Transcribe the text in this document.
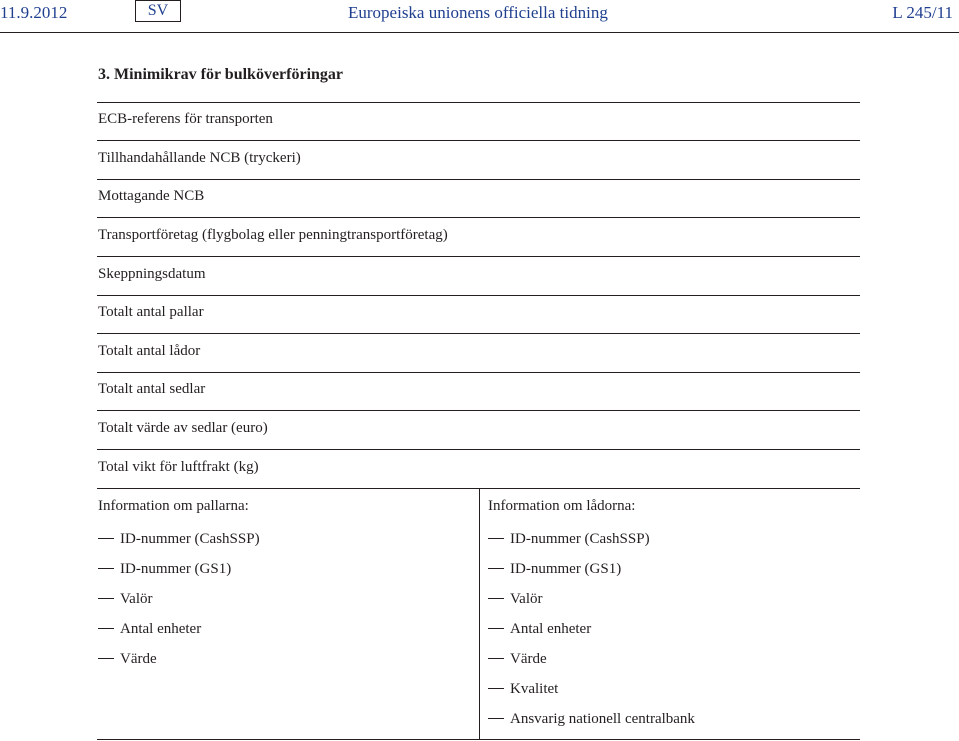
11.9.2012	SV	Europeiska unionens officiella tidning	L 245/11
3. Minimikrav för bulköverföringar
ECB-referens för transporten
Tillhandahållande NCB (tryckeri)
Mottagande NCB
Transportföretag (flygbolag eller penningtransportföretag)
Skeppningsdatum
Totalt antal pallar
Totalt antal lådor
Totalt antal sedlar
Totalt värde av sedlar (euro)
Total vikt för luftfrakt (kg)
Information om pallarna:
ID-nummer (CashSSP)
ID-nummer (GS1)
Valör
Antal enheter
Värde
Information om lådorna:
ID-nummer (CashSSP)
ID-nummer (GS1)
Valör
Antal enheter
Värde
Kvalitet
Ansvarig nationell centralbank
